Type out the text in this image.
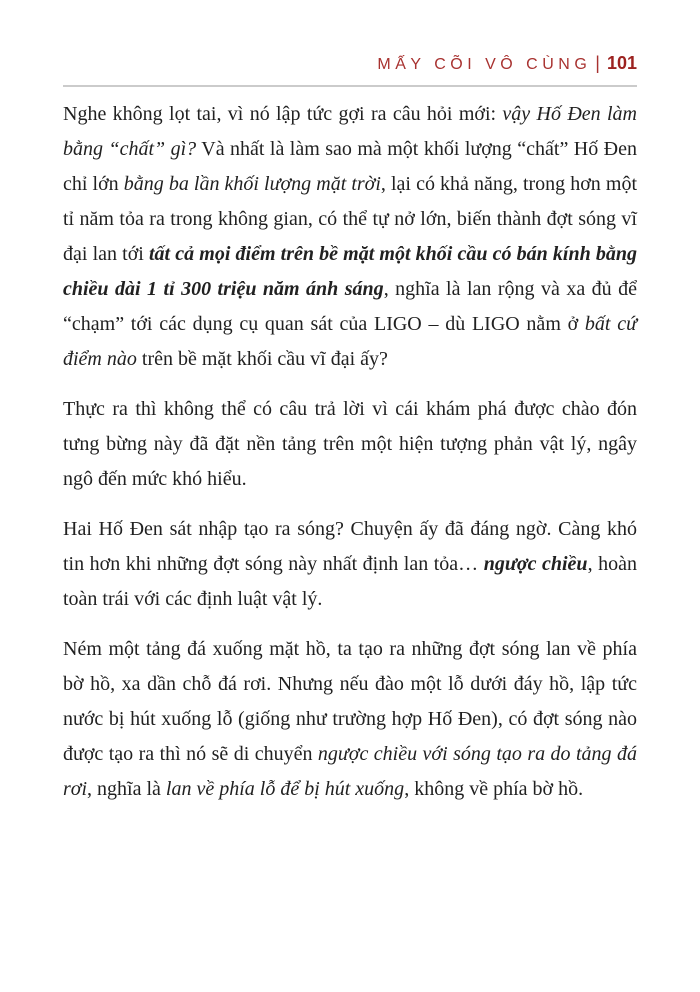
MẤY CÕI VÔ CÙNG | 101

Nghe không lọt tai, vì nó lập tức gợi ra câu hỏi mới: vậy Hố Đen làm bằng “chất” gì? Và nhất là làm sao mà một khối lượng “chất” Hố Đen chỉ lớn bằng ba lần khối lượng mặt trời, lại có khả năng, trong hơn một tỉ năm tỏa ra trong không gian, có thể tự nở lớn, biến thành đợt sóng vĩ đại lan tới tất cả mọi điểm trên bề mặt một khối cầu có bán kính bằng chiều dài 1 tỉ 300 triệu năm ánh sáng, nghĩa là lan rộng và xa đủ để “chạm” tới các dụng cụ quan sát của LIGO – dù LIGO nằm ở bất cứ điểm nào trên bề mặt khối cầu vĩ đại ấy?

Thực ra thì không thể có câu trả lời vì cái khám phá được chào đón tưng bừng này đã đặt nền tảng trên một hiện tượng phản vật lý, ngây ngô đến mức khó hiểu.

Hai Hố Đen sát nhập tạo ra sóng? Chuyện ấy đã đáng ngờ. Càng khó tin hơn khi những đợt sóng này nhất định lan tỏa… ngược chiều, hoàn toàn trái với các định luật vật lý.

Ném một tảng đá xuống mặt hồ, ta tạo ra những đợt sóng lan về phía bờ hồ, xa dần chỗ đá rơi. Nhưng nếu đào một lỗ dưới đáy hồ, lập tức nước bị hút xuống lỗ (giống như trường hợp Hố Đen), có đợt sóng nào được tạo ra thì nó sẽ di chuyển ngược chiều với sóng tạo ra do tảng đá rơi, nghĩa là lan về phía lỗ để bị hút xuống, không về phía bờ hồ.
